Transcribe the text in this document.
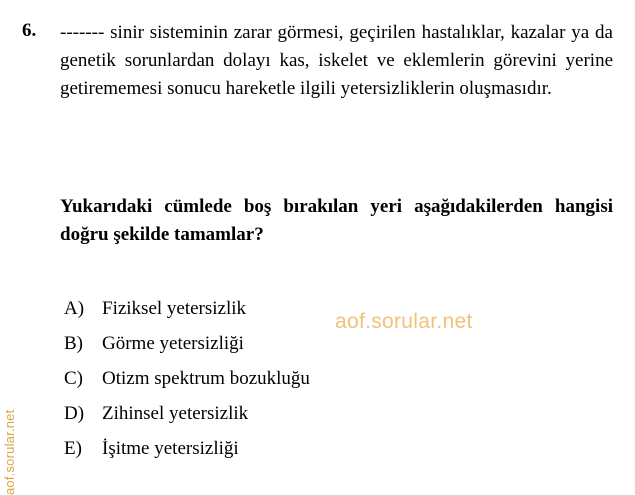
6. ------- sinir sisteminin zarar görmesi, geçirilen hastalıklar, kazalar ya da genetik sorunlardan dolayı kas, iskelet ve eklemlerin görevini yerine getirememesi sonucu hareketle ilgili yetersizliklerin oluşmasıdır.
Yukarıdaki cümlede boş bırakılan yeri aşağıdakilerden hangisi doğru şekilde tamamlar?
A) Fiziksel yetersizlik
B)	Görme yetersizliği
C)	Otizm spektrum bozukluğu
D) Zihinsel yetersizlik
E)	İşitme yetersizliği
aof.sorular.net
aof.sorular.net
